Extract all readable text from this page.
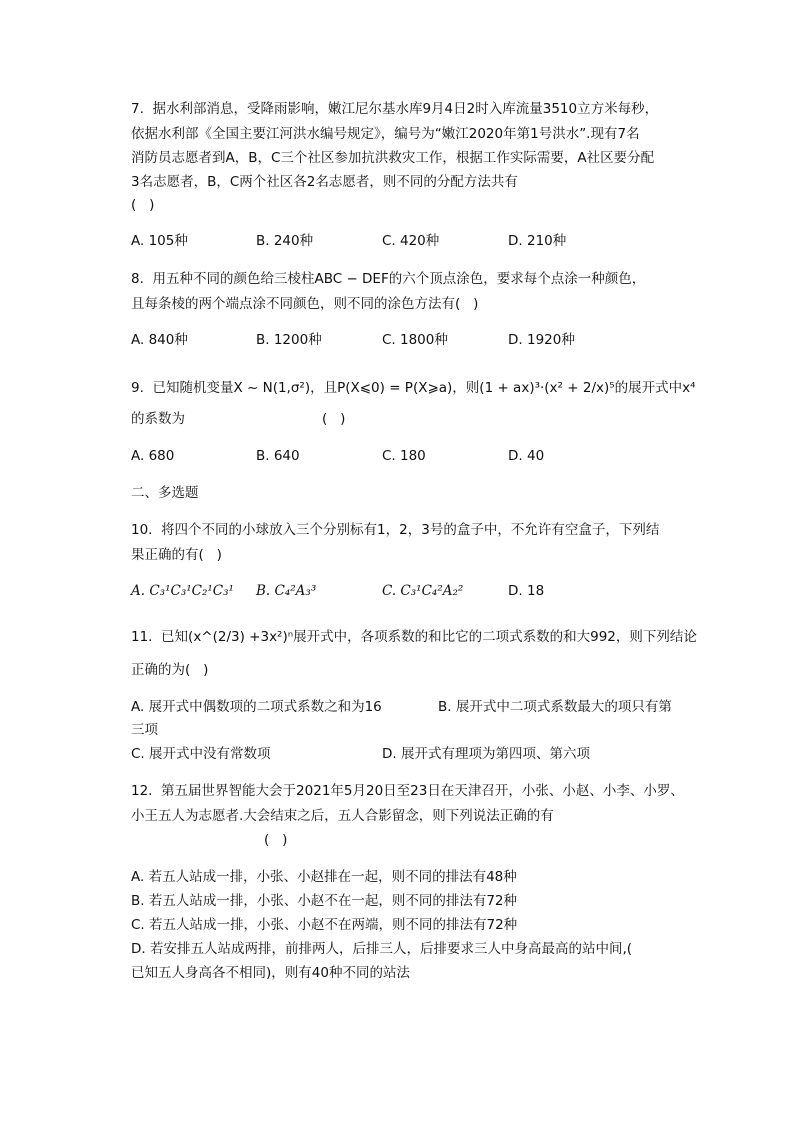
7.  据水利部消息，受降雨影响，嫩江尼尔基水库9月4日2时入库流量3510立方米每秒，
依据水利部《全国主要江河洪水编号规定》，编号为“嫩江2020年第1号洪水”.现有7名
消防员志愿者到A，B，C三个社区参加抗洪救灾工作，根据工作实际需要，A社区要分配
3名志愿者，B，C两个社区各2名志愿者，则不同的分配方法共有
(   )
A. 105种	B. 240种	C. 420种	D. 210种
8.  用五种不同的颜色给三棱柱ABC − DEF的六个顶点涂色，要求每个点涂一种颜色，
且每条棱的两个端点涂不同颜色，则不同的涂色方法有(   )
A. 840种	B. 1200种	C. 1800种	D. 1920种
9.  已知随机变量X ~ N(1,σ²)，且P(X⩽0) = P(X⩾a)，则(1 + ax)³·(x² + 2/x)⁵的展开式中x⁴
的系数为	(   )
A. 680	B. 640	C. 180	D. 40
二、多选题
10.  将四个不同的小球放入三个分别标有1，2，3号的盒子中，不允许有空盒子，下列结
果正确的有(   )
A. C₃¹C₃¹C₂¹C₃¹ B. C₄²A₃³	C. C₃¹C₄²A₂²	D. 18
11.  已知(x^(2/3) +3x²)ⁿ展开式中，各项系数的和比它的二项式系数的和大992，则下列结论
正确的为(   )
A. 展开式中偶数项的二项式系数之和为16	B. 展开式中二项式系数最大的项只有第
三项
C. 展开式中没有常数项	D. 展开式有理项为第四项、第六项
12.  第五届世界智能大会于2021年5月20日至23日在天津召开，小张、小赵、小李、小罗、
小王五人为志愿者.大会结束之后，五人合影留念，则下列说法正确的有
(   )
A. 若五人站成一排，小张、小赵排在一起，则不同的排法有48种
B. 若五人站成一排，小张、小赵不在一起，则不同的排法有72种
C. 若五人站成一排，小张、小赵不在两端，则不同的排法有72种
D. 若安排五人站成两排，前排两人，后排三人，后排要求三人中身高最高的站中间,(
已知五人身高各不相同)，则有40种不同的站法
